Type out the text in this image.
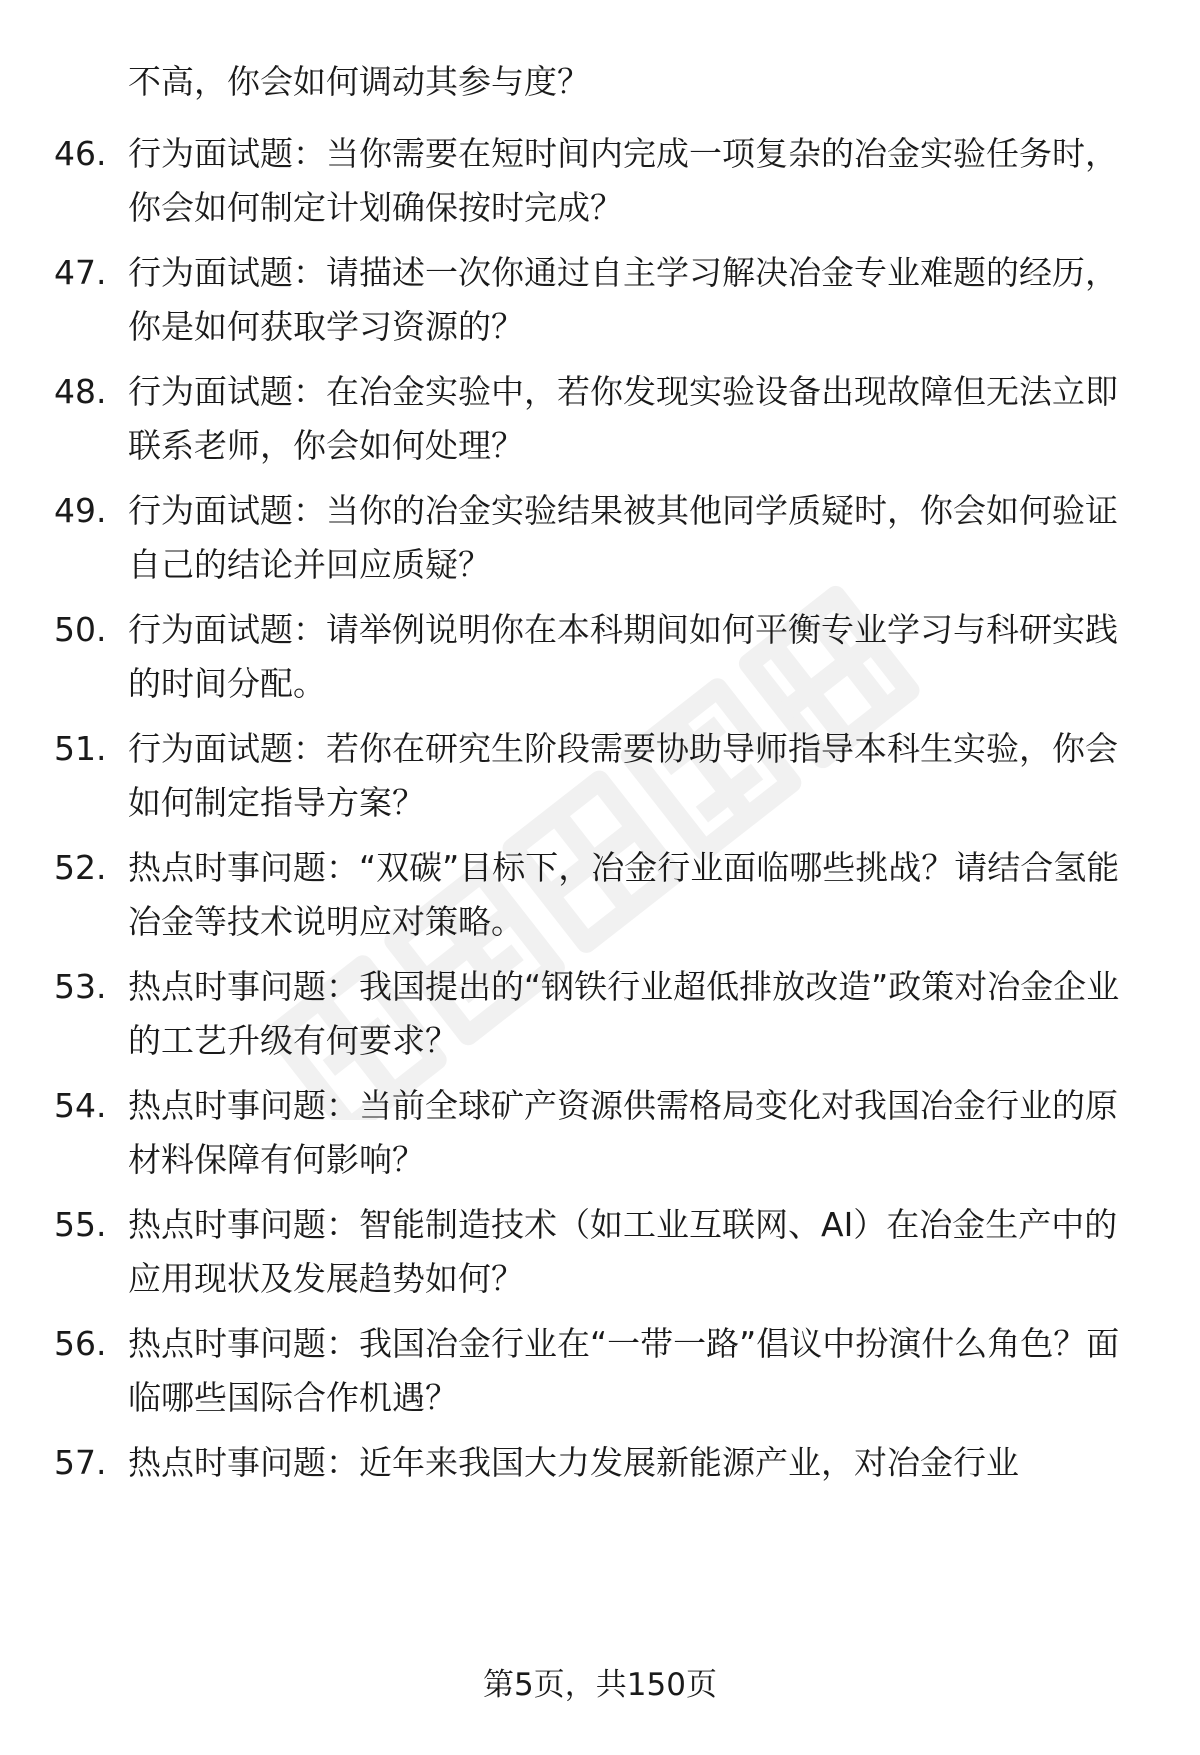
不高，你会如何调动其参与度？
46. 行为面试题：当你需要在短时间内完成一项复杂的冶金实验任务时，你会如何制定计划确保按时完成？
47. 行为面试题：请描述一次你通过自主学习解决冶金专业难题的经历，你是如何获取学习资源的？
48. 行为面试题：在冶金实验中，若你发现实验设备出现故障但无法立即联系老师，你会如何处理？
49. 行为面试题：当你的冶金实验结果被其他同学质疑时，你会如何验证自己的结论并回应质疑？
50. 行为面试题：请举例说明你在本科期间如何平衡专业学习与科研实践的时间分配。
51. 行为面试题：若你在研究生阶段需要协助导师指导本科生实验，你会如何制定指导方案？
52. 热点时事问题：“双碳”目标下，冶金行业面临哪些挑战？请结合氢能冶金等技术说明应对策略。
53. 热点时事问题：我国提出的“钢铁行业超低排放改造”政策对冶金企业的工艺升级有何要求？
54. 热点时事问题：当前全球矿产资源供需格局变化对我国冶金行业的原材料保障有何影响？
55. 热点时事问题：智能制造技术（如工业互联网、AI）在冶金生产中的应用现状及发展趋势如何？
56. 热点时事问题：我国冶金行业在“一带一路”倡议中扮演什么角色？面临哪些国际合作机遇？
57. 热点时事问题：近年来我国大力发展新能源产业，对冶金行业
第5页，共150页
